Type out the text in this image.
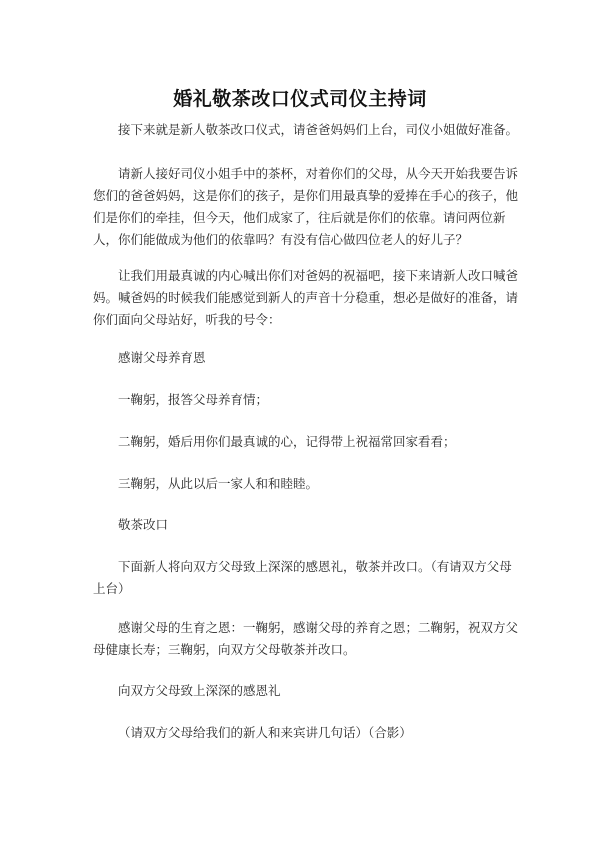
婚礼敬茶改口仪式司仪主持词
接下来就是新人敬茶改口仪式，请爸爸妈妈们上台，司仪小姐做好准备。
请新人接好司仪小姐手中的茶杯，对着你们的父母，从今天开始我要告诉您们的爸爸妈妈，这是你们的孩子，是你们用最真挚的爱捧在手心的孩子，他们是你们的牵挂，但今天，他们成家了，往后就是你们的依靠。请问两位新人，你们能做成为他们的依靠吗？有没有信心做四位老人的好儿子？
让我们用最真诚的内心喊出你们对爸妈的祝福吧，接下来请新人改口喊爸妈。喊爸妈的时候我们能感觉到新人的声音十分稳重，想必是做好的准备，请你们面向父母站好，听我的号令：
感谢父母养育恩
一鞠躬，报答父母养育情；
二鞠躬，婚后用你们最真诚的心，记得带上祝福常回家看看；
三鞠躬，从此以后一家人和和睦睦。
敬茶改口
下面新人将向双方父母致上深深的感恩礼，敬茶并改口。（有请双方父母上台）
感谢父母的生育之恩：一鞠躬，感谢父母的养育之恩；二鞠躬，祝双方父母健康长寿；三鞠躬，向双方父母敬茶并改口。
向双方父母致上深深的感恩礼
（请双方父母给我们的新人和来宾讲几句话）（合影）
